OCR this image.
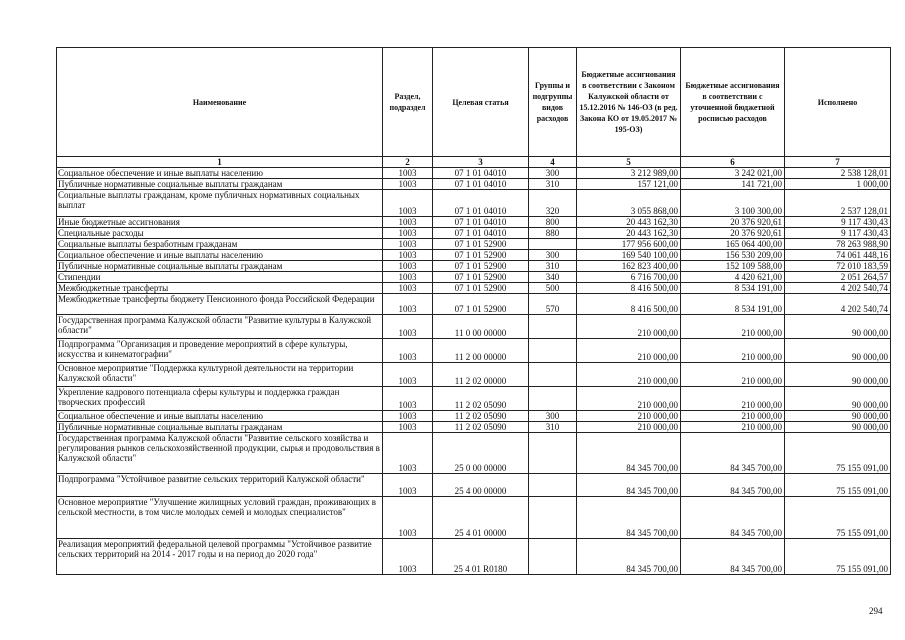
Наименование	Раздел, подраздел	Целевая статья	Группы и подгруппы видов расходов	Бюджетные ассигнования в соответствии с Законом Калужской области от 15.12.2016 № 146-ОЗ (в ред. Закона КО от 19.05.2017 № 195-ОЗ)	Бюджетные ассигнования в соответствии с уточненной бюджетной росписью расходов	Исполнено
1	2	3	4	5	6	7
Социальное обеспечение и иные выплаты населению	1003	07 1 01 04010	300	3 212 989,00	3 242 021,00	2 538 128,01
Публичные нормативные социальные выплаты гражданам	1003	07 1 01 04010	310	157 121,00	141 721,00	1 000,00
Социальные выплаты гражданам, кроме публичных нормативных социальных выплат	1003	07 1 01 04010	320	3 055 868,00	3 100 300,00	2 537 128,01
Иные бюджетные ассигнования	1003	07 1 01 04010	800	20 443 162,30	20 376 920,61	9 117 430,43
Специальные расходы	1003	07 1 01 04010	880	20 443 162,30	20 376 920,61	9 117 430,43
Социальные выплаты безработным гражданам	1003	07 1 01 52900		177 956 600,00	165 064 400,00	78 263 988,90
Социальное обеспечение и иные выплаты населению	1003	07 1 01 52900	300	169 540 100,00	156 530 209,00	74 061 448,16
Публичные нормативные социальные выплаты гражданам	1003	07 1 01 52900	310	162 823 400,00	152 109 588,00	72 010 183,59
Стипендии	1003	07 1 01 52900	340	6 716 700,00	4 420 621,00	2 051 264,57
Межбюджетные трансферты	1003	07 1 01 52900	500	8 416 500,00	8 534 191,00	4 202 540,74
Межбюджетные трансферты бюджету Пенсионного фонда Российской Федерации	1003	07 1 01 52900	570	8 416 500,00	8 534 191,00	4 202 540,74
Государственная программа Калужской области "Развитие культуры в Калужской области"	1003	11 0 00 00000		210 000,00	210 000,00	90 000,00
Подпрограмма "Организация и проведение мероприятий в сфере культуры, искусства и кинематографии"	1003	11 2 00 00000		210 000,00	210 000,00	90 000,00
Основное мероприятие "Поддержка культурной деятельности на территории Калужской области"	1003	11 2 02 00000		210 000,00	210 000,00	90 000,00
Укрепление кадрового потенциала сферы культуры и поддержка граждан творческих профессий	1003	11 2 02 05090		210 000,00	210 000,00	90 000,00
Социальное обеспечение и иные выплаты населению	1003	11 2 02 05090	300	210 000,00	210 000,00	90 000,00
Публичные нормативные социальные выплаты гражданам	1003	11 2 02 05090	310	210 000,00	210 000,00	90 000,00
Государственная программа Калужской области "Развитие сельского хозяйства и регулирования рынков сельскохозяйственной продукции, сырья и продовольствия в Калужской области"	1003	25 0 00 00000		84 345 700,00	84 345 700,00	75 155 091,00
Подпрограмма "Устойчивое развитие сельских территорий Калужской области"	1003	25 4 00 00000		84 345 700,00	84 345 700,00	75 155 091,00
Основное мероприятие "Улучшение жилищных условий граждан, проживающих в сельской местности, в том числе молодых семей и молодых специалистов"	1003	25 4 01 00000		84 345 700,00	84 345 700,00	75 155 091,00
Реализация мероприятий федеральной целевой программы "Устойчивое развитие сельских территорий на 2014 - 2017 годы и на период до 2020 года"	1003	25 4 01 R0180		84 345 700,00	84 345 700,00	75 155 091,00
294
